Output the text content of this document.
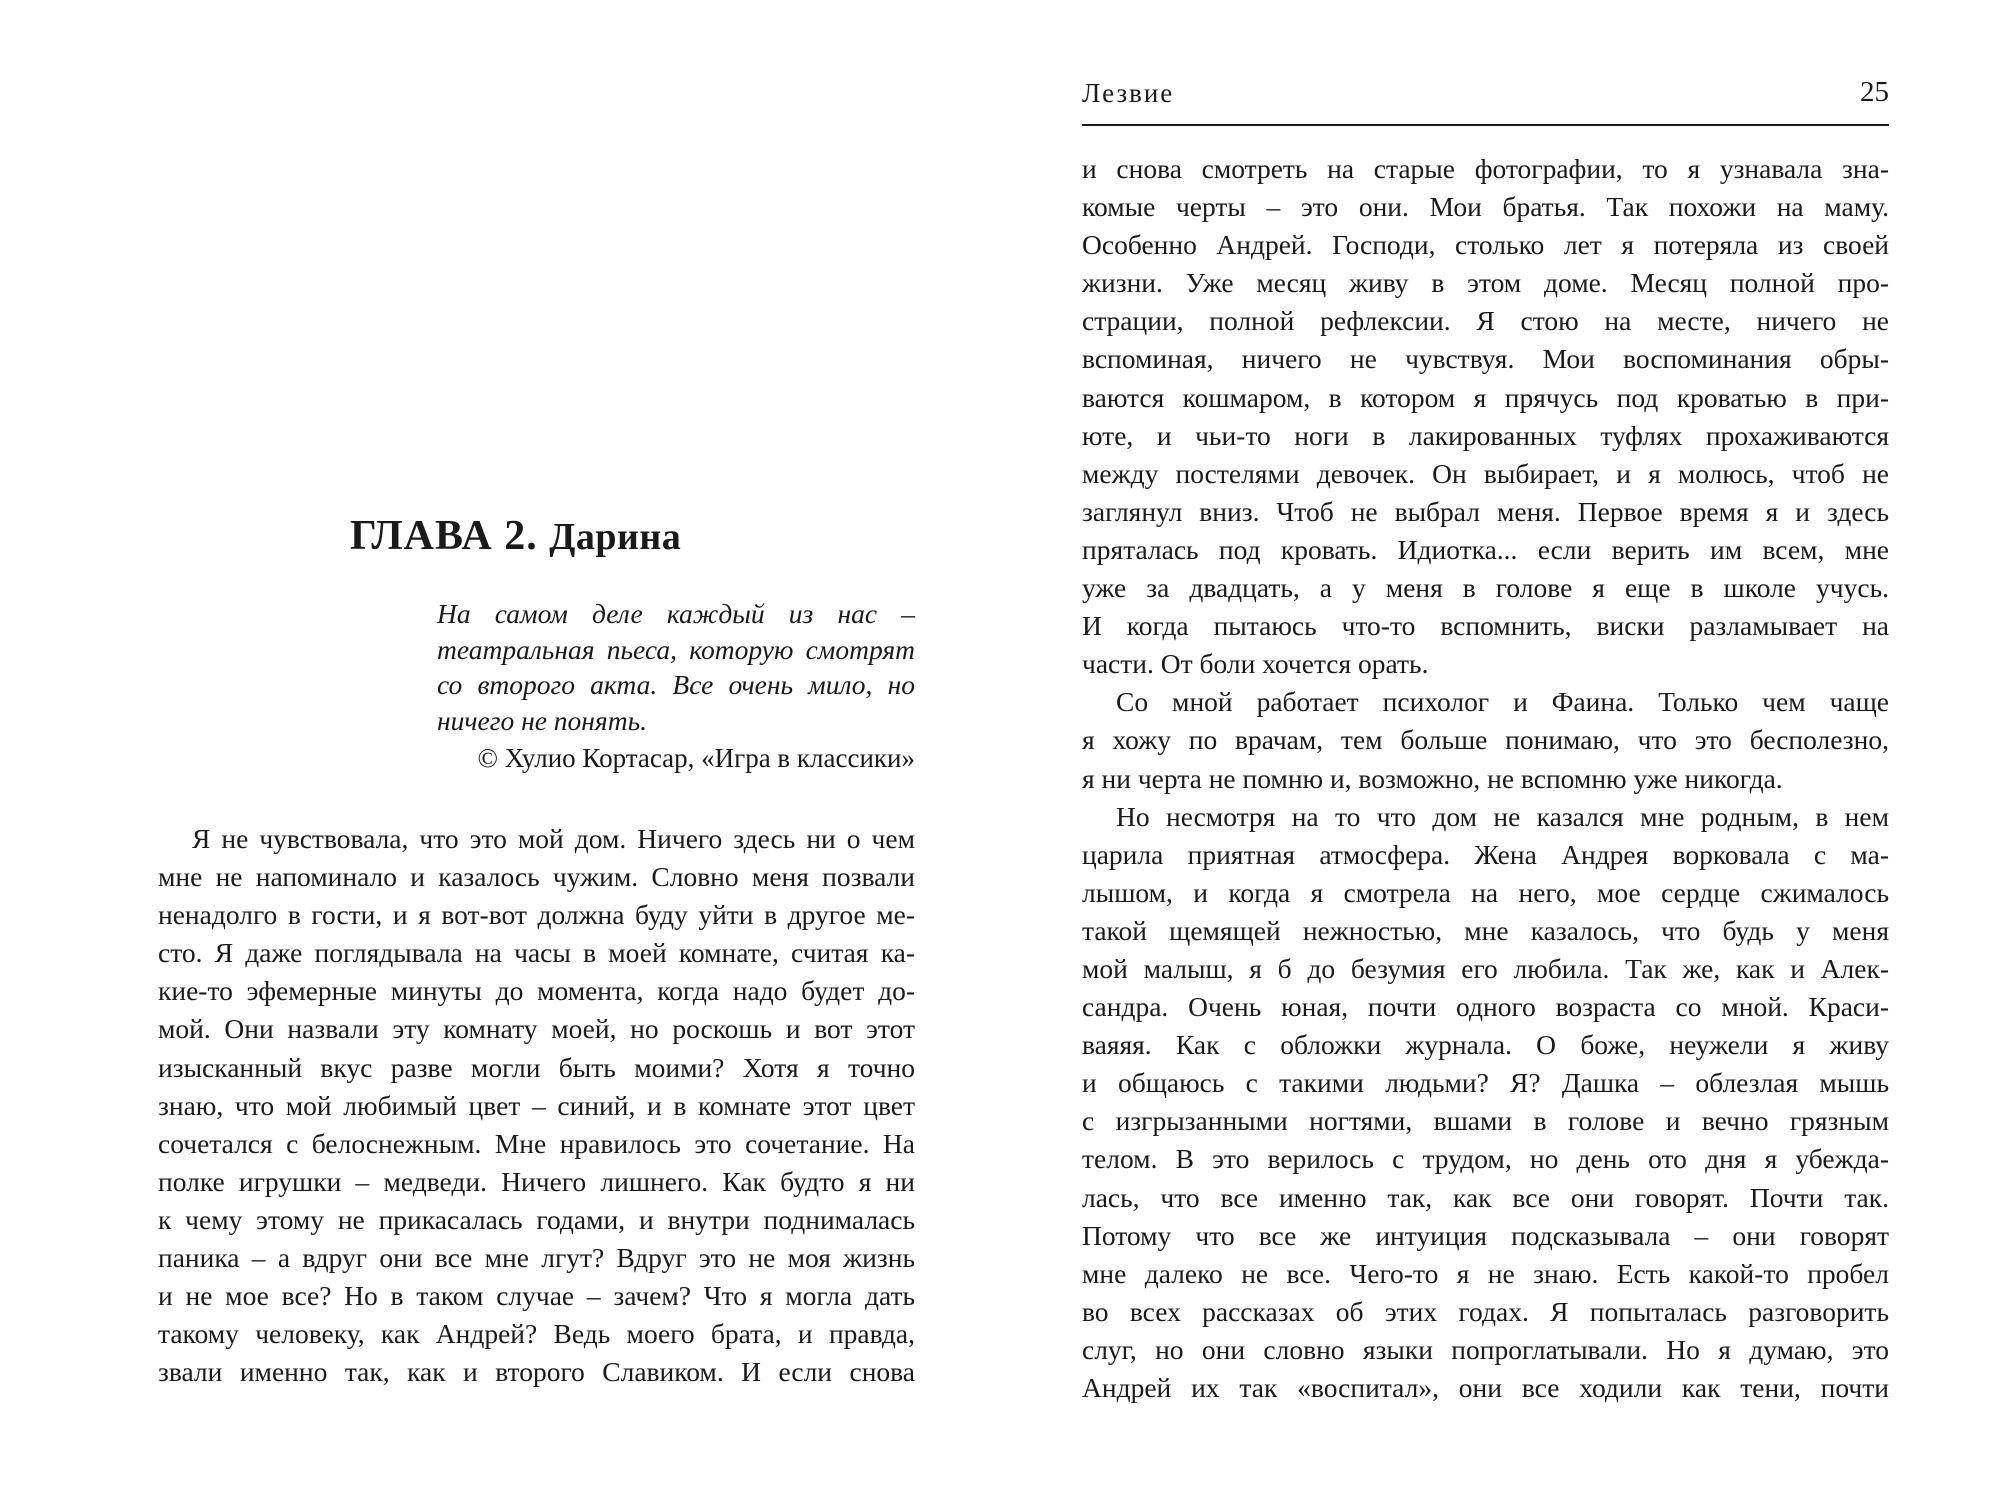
ГЛАВА 2. Дарина

На самом деле каждый из нас – театральная пьеса, которую смотрят со второго акта. Все очень мило, но ничего не понять.

© Хулио Кортасар, «Игра в классики»

Я не чувствовала, что это мой дом. Ничего здесь ни о чем
мне не напоминало и казалось чужим. Словно меня позвали
ненадолго в гости, и я вот-вот должна буду уйти в другое ме-
сто. Я даже поглядывала на часы в моей комнате, считая ка-
кие-то эфемерные минуты до момента, когда надо будет до-
мой. Они назвали эту комнату моей, но роскошь и вот этот
изысканный вкус разве могли быть моими? Хотя я точно
знаю, что мой любимый цвет – синий, и в комнате этот цвет
сочетался с белоснежным. Мне нравилось это сочетание. На
полке игрушки – медведи. Ничего лишнего. Как будто я ни
к чему этому не прикасалась годами, и внутри поднималась
паника – а вдруг они все мне лгут? Вдруг это не моя жизнь
и не мое все? Но в таком случае – зачем? Что я могла дать
такому человеку, как Андрей? Ведь моего брата, и правда,
звали именно так, как и второго Славиком. И если снова
Лезвие	25
и снова смотреть на старые фотографии, то я узнавала зна-
комые черты – это они. Мои братья. Так похожи на маму.
Особенно Андрей. Господи, столько лет я потеряла из своей
жизни. Уже месяц живу в этом доме. Месяц полной про-
страции, полной рефлексии. Я стою на месте, ничего не
вспоминая, ничего не чувствуя. Мои воспоминания обры-
ваются кошмаром, в котором я прячусь под кроватью в при-
юте, и чьи-то ноги в лакированных туфлях прохаживаются
между постелями девочек. Он выбирает, и я молюсь, чтоб не
заглянул вниз. Чтоб не выбрал меня. Первое время я и здесь
пряталась под кровать. Идиотка... если верить им всем, мне
уже за двадцать, а у меня в голове я еще в школе учусь.
И когда пытаюсь что-то вспомнить, виски разламывает на
части. От боли хочется орать.
Со мной работает психолог и Фаина. Только чем чаще
я хожу по врачам, тем больше понимаю, что это бесполезно,
я ни черта не помню и, возможно, не вспомню уже никогда.
Но несмотря на то что дом не казался мне родным, в нем
царила приятная атмосфера. Жена Андрея ворковала с ма-
лышом, и когда я смотрела на него, мое сердце сжималось
такой щемящей нежностью, мне казалось, что будь у меня
мой малыш, я б до безумия его любила. Так же, как и Алек-
сандра. Очень юная, почти одного возраста со мной. Краси-
ваяяя. Как с обложки журнала. О боже, неужели я живу
и общаюсь с такими людьми? Я? Дашка – облезлая мышь
с изгрызанными ногтями, вшами в голове и вечно грязным
телом. В это верилось с трудом, но день ото дня я убежда-
лась, что все именно так, как все они говорят. Почти так.
Потому что все же интуиция подсказывала – они говорят
мне далеко не все. Чего-то я не знаю. Есть какой-то пробел
во всех рассказах об этих годах. Я попыталась разговорить
слуг, но они словно языки попроглатывали. Но я думаю, это
Андрей их так «воспитал», они все ходили как тени, почти
